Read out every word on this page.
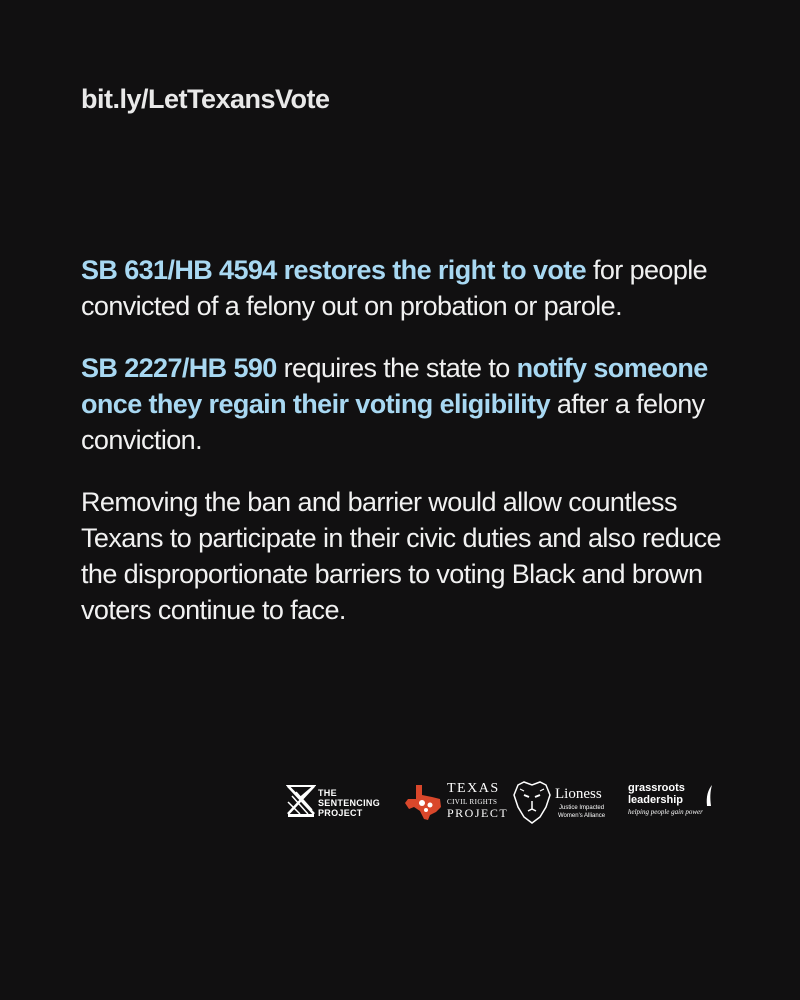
bit.ly/LetTexansVote

SB 631/HB 4594 restores the right to vote for people convicted of a felony out on probation or parole.

SB 2227/HB 590 requires the state to notify someone once they regain their voting eligibility after a felony conviction.

Removing the ban and barrier would allow countless Texans to participate in their civic duties and also reduce the disproportionate barriers to voting Black and brown voters continue to face.

THE
SENTENCING
PROJECT
TEXAS
CIVIL RIGHTS
PROJECT
Lioness
Justice Impacted
Women's Alliance
grassroots
leadership
helping people gain power
